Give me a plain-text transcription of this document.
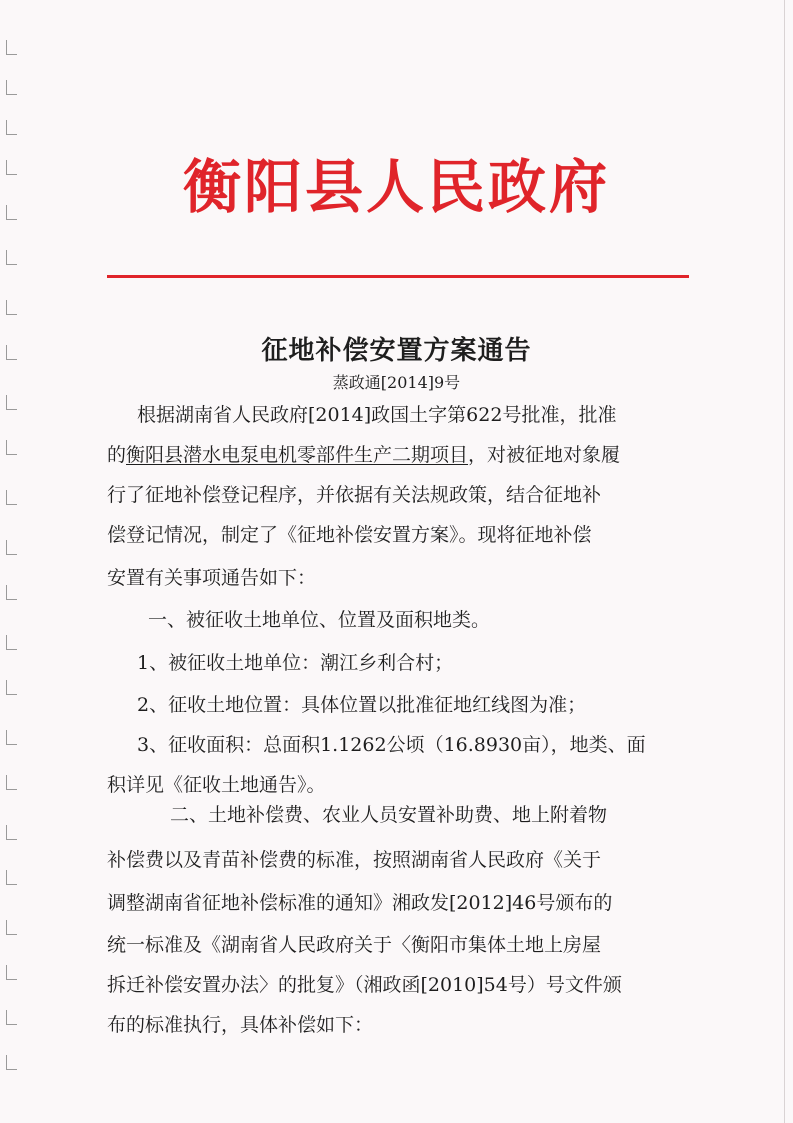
衡阳县人民政府
征地补偿安置方案通告
蒸政通[2014]9号
根据湖南省人民政府[2014]政国土字第622号批准，批准
的衡阳县潜水电泵电机零部件生产二期项目，对被征地对象履
行了征地补偿登记程序，并依据有关法规政策，结合征地补
偿登记情况，制定了《征地补偿安置方案》。现将征地补偿
安置有关事项通告如下：
一、被征收土地单位、位置及面积地类。
1、被征收土地单位：潮江乡利合村；
2、征收土地位置：具体位置以批准征地红线图为准；
3、征收面积：总面积1.1262公顷（16.8930亩），地类、面
积详见《征收土地通告》。
二、土地补偿费、农业人员安置补助费、地上附着物
补偿费以及青苗补偿费的标准，按照湖南省人民政府《关于
调整湖南省征地补偿标准的通知》湘政发[2012]46号颁布的
统一标准及《湖南省人民政府关于〈衡阳市集体土地上房屋
拆迁补偿安置办法〉的批复》（湘政函[2010]54号）号文件颁
布的标准执行，具体补偿如下：
